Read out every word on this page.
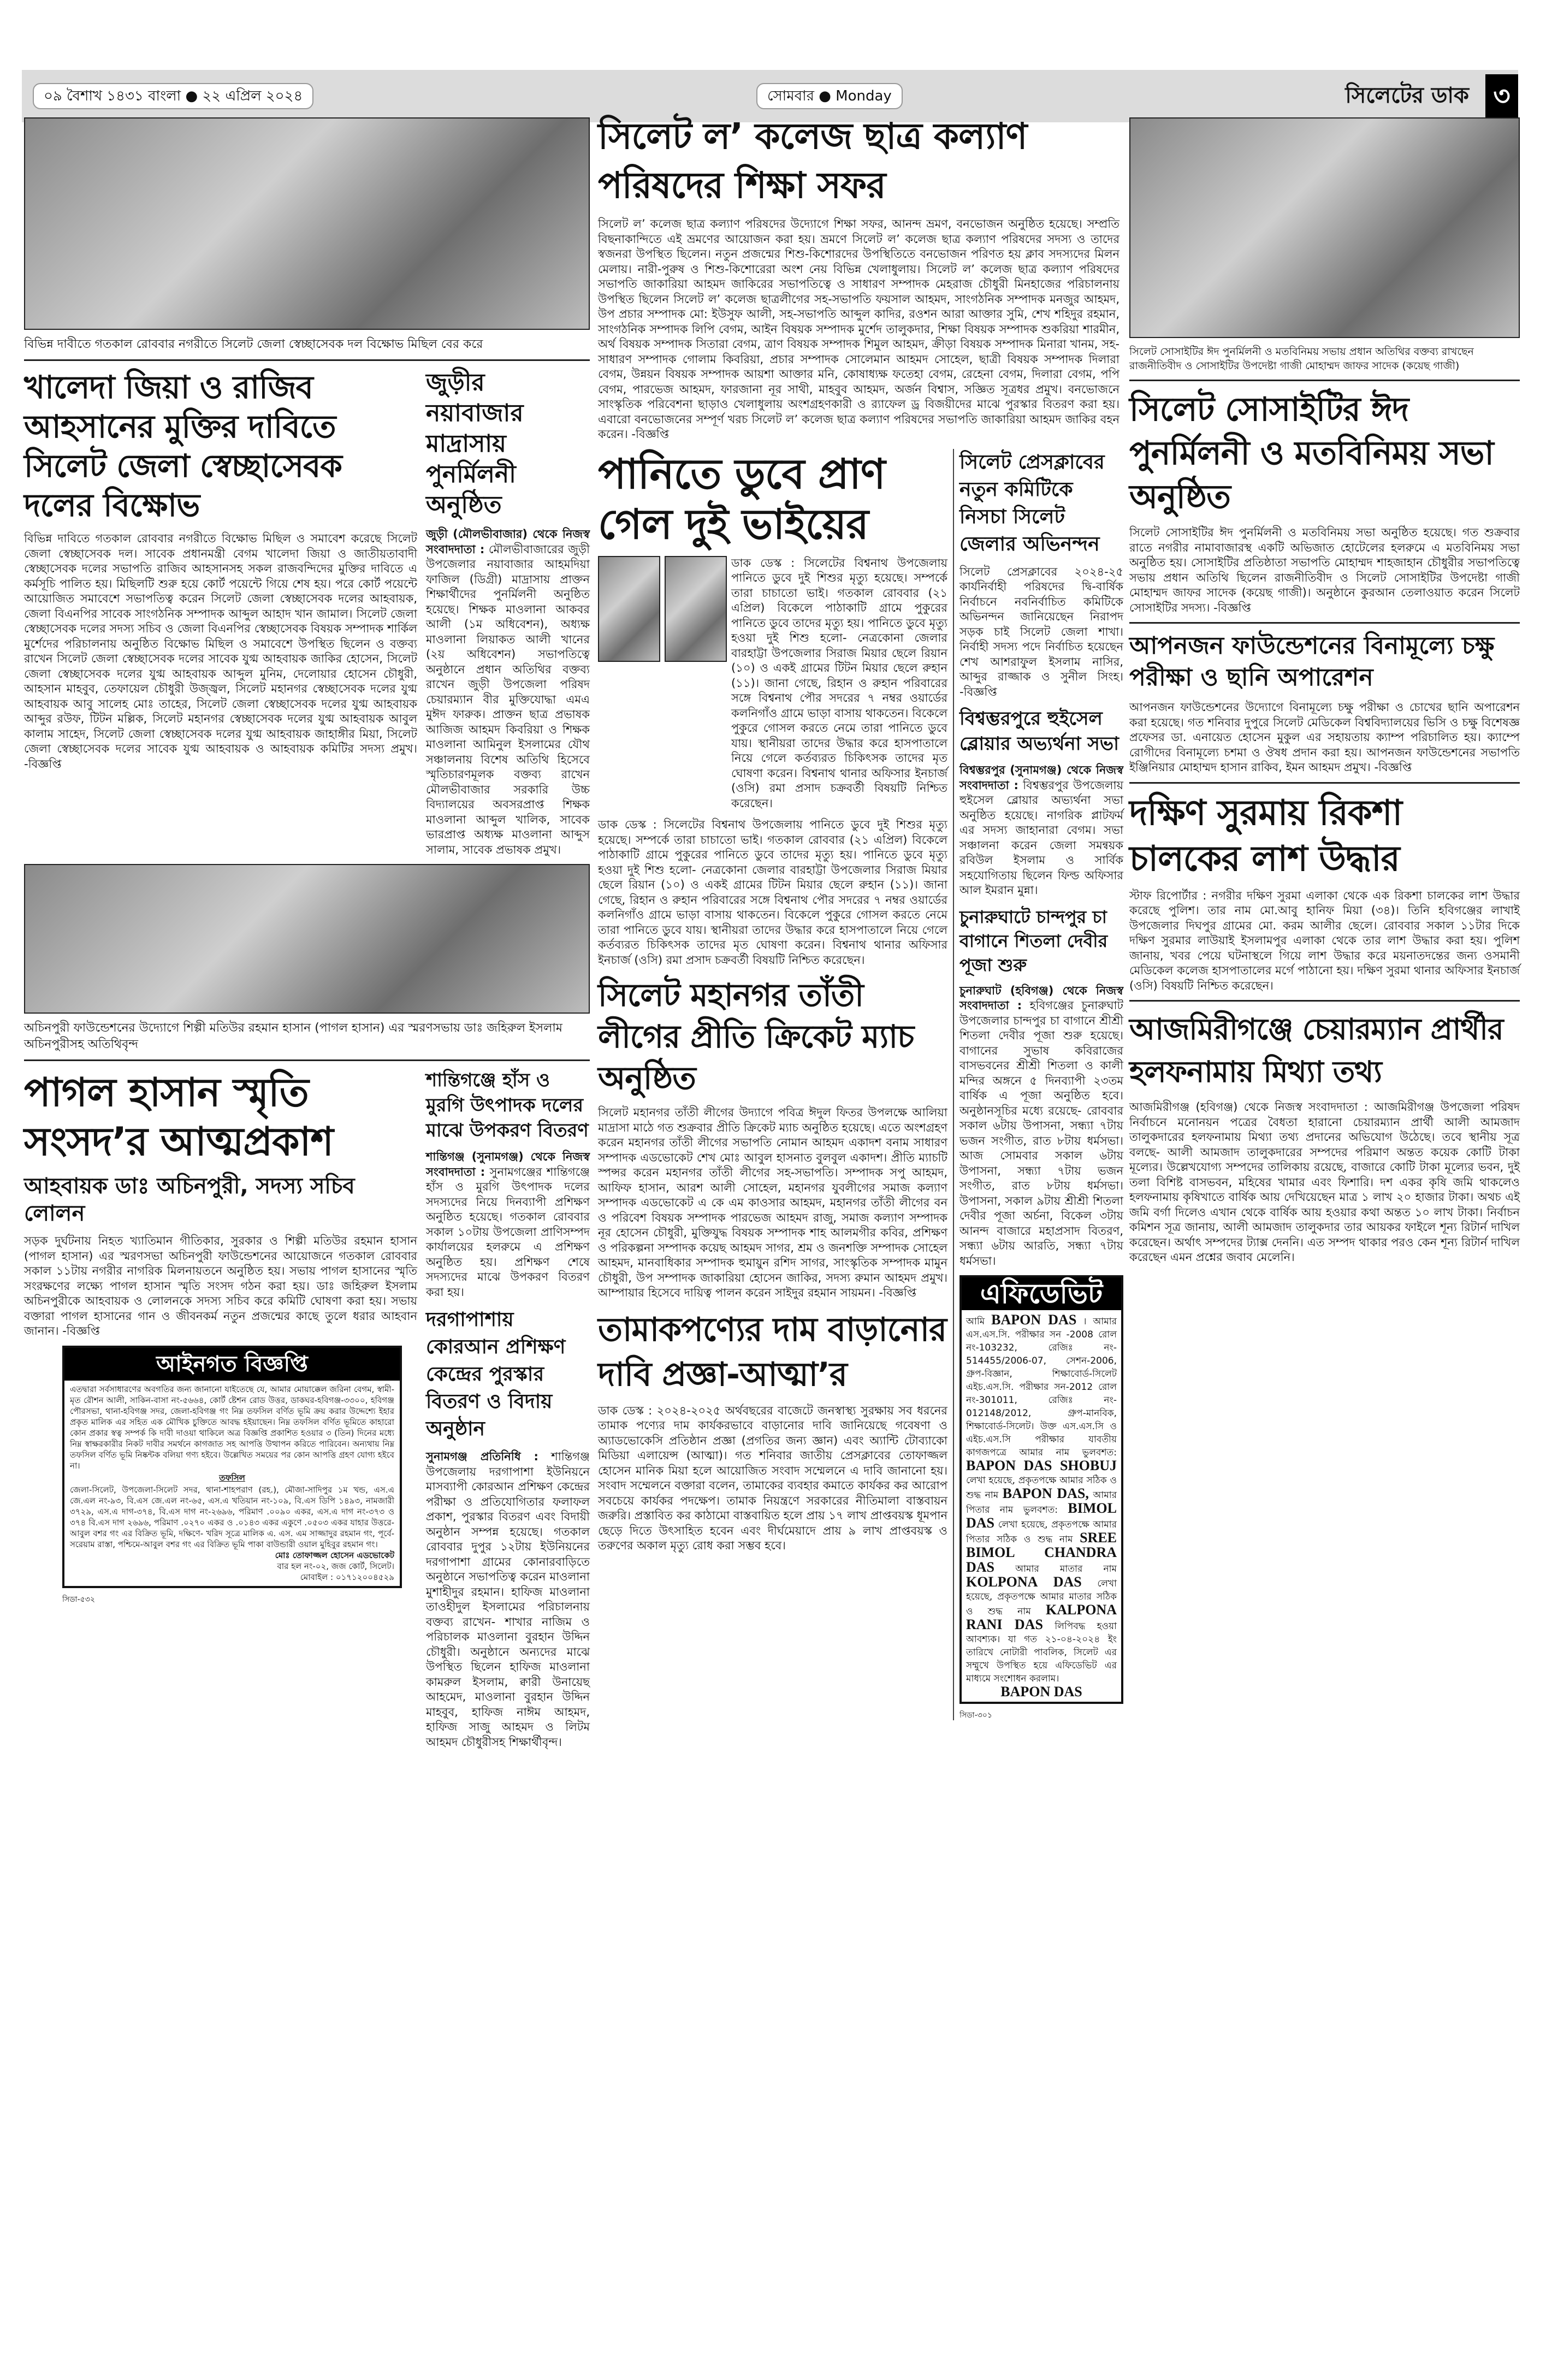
০৯ বৈশাখ ১৪৩১ বাংলা ● ২২ এপ্রিল ২০২৪	সোমবার ● Monday	সিলেটের ডাক ৩
বিভিন্ন দাবীতে গতকাল রোববার নগরীতে সিলেট জেলা স্বেচ্ছাসেবক দল বিক্ষোভ মিছিল বের করে
খালেদা জিয়া ও রাজিব আহসানের মুক্তির দাবিতে সিলেট জেলা স্বেচ্ছাসেবক দলের বিক্ষোভ

বিভিন্ন দাবিতে গতকাল রোববার নগরীতে বিক্ষোভ মিছিল ও সমাবেশ করেছে সিলেট জেলা স্বেচ্ছাসেবক দল। সাবেক প্রধানমন্ত্রী বেগম খালেদা জিয়া ও জাতীয়তাবাদী স্বেচ্ছাসেবক দলের সভাপতি রাজিব আহসানসহ সকল রাজবন্দিদের মুক্তির দাবিতে এ কর্মসূচি পালিত হয়। মিছিলটি শুরু হয়ে কোর্ট পয়েন্টে গিয়ে শেষ হয়। পরে কোর্ট পয়েন্টে আয়োজিত সমাবেশে সভাপতিত্ব করেন সিলেট জেলা স্বেচ্ছাসেবক দলের আহবায়ক, জেলা বিএনপির সাবেক সাংগঠনিক সম্পাদক আব্দুল আহাদ খান জামাল। সিলেট জেলা স্বেচ্ছাসেবক দলের সদস্য সচিব ও জেলা বিএনপির স্বেচ্ছাসেবক বিষয়ক সম্পাদক শার্কিল মুর্শেদের পরিচালনায় অনুষ্ঠিত বিক্ষোভ মিছিল ও সমাবেশে উপস্থিত ছিলেন ও বক্তব্য রাখেন সিলেট জেলা স্বেচ্ছাসেবক দলের সাবেক যুগ্ম আহবায়ক জাকির হোসেন, সিলেট জেলা স্বেচ্ছাসেবক দলের যুগ্ম আহবায়ক আব্দুল মুনিম, দেলোয়ার হোসেন চৌধুরী, আহসান মাহবুব, তেফায়েল চৌধুরী উজ্জ্বল, সিলেট মহানগর স্বেচ্ছাসেবক দলের যুগ্ম আহবায়ক আবু সালেহ মোঃ তাহের, সিলেট জেলা স্বেচ্ছাসেবক দলের যুগ্ম আহবায়ক আব্দুর রউফ, টিটন মল্লিক, সিলেট মহানগর স্বেচ্ছাসেবক দলের যুগ্ম আহবায়ক আবুল কালাম সাহেদ, সিলেট জেলা স্বেচ্ছাসেবক দলের যুগ্ম আহবায়ক জাহাঙ্গীর মিয়া, সিলেট জেলা স্বেচ্ছাসেবক দলের সাবেক যুগ্ম আহবায়ক ও আহবায়ক কমিটির সদস্য প্রমুখ। -বিজ্ঞপ্তি

জুড়ীর নয়াবাজার মাদ্রাসায় পুনর্মিলনী অনুষ্ঠিত

জুড়ী (মৌলভীবাজার) থেকে নিজস্ব সংবাদদাতা : মৌলভীবাজারের জুড়ী উপজেলার নয়াবাজার আহমদিয়া ফাজিল (ডিগ্রী) মাদ্রাসায় প্রাক্তন শিক্ষার্থীদের পুনর্মিলনী অনুষ্ঠিত হয়েছে। শিক্ষক মাওলানা আকবর আলী (১ম অধিবেশন), অধ্যক্ষ মাওলানা লিয়াকত আলী খানের (২য় অধিবেশন) সভাপতিত্বে অনুষ্ঠানে প্রধান অতিথির বক্তব্য রাখেন জুড়ী উপজেলা পরিষদ চেয়ারম্যান বীর মুক্তিযোদ্ধা এমএ মুঈদ ফারুক। প্রাক্তন ছাত্র প্রভাষক আজিজ আহমদ কিবরিয়া ও শিক্ষক মাওলানা আমিনুল ইসলামের যৌথ সঞ্চালনায় বিশেষ অতিথি হিসেবে স্মৃতিচারণমূলক বক্তব্য রাখেন মৌলভীবাজার সরকারি উচ্চ বিদ্যালয়ের অবসরপ্রাপ্ত শিক্ষক মাওলানা আব্দুল খালিক, সাবেক ভারপ্রাপ্ত অধ্যক্ষ মাওলানা আব্দুস সালাম, সাবেক প্রভাষক প্রমুখ।

অচিনপুরী ফাউন্ডেশনের উদ্যোগে শিল্পী মতিউর রহমান হাসান (পাগল হাসান) এর স্মরণসভায় ডাঃ জহিরুল ইসলাম অচিনপুরীসহ অতিথিবৃন্দ
পাগল হাসান স্মৃতি সংসদ’র আত্মপ্রকাশ
আহবায়ক ডাঃ অচিনপুরী, সদস্য সচিব লোলন

সড়ক দুর্ঘটনায় নিহত খ্যাতিমান গীতিকার, সুরকার ও শিল্পী মতিউর রহমান হাসান (পাগল হাসান) এর স্মরণসভা অচিনপুরী ফাউন্ডেশনের আয়োজনে গতকাল রোববার সকাল ১১টায় নগরীর নাগরিক মিলনায়তনে অনুষ্ঠিত হয়। সভায় পাগল হাসানের স্মৃতি সংরক্ষণের লক্ষ্যে পাগল হাসান স্মৃতি সংসদ গঠন করা হয়। ডাঃ জহিরুল ইসলাম অচিনপুরীকে আহবায়ক ও লোলনকে সদস্য সচিব করে কমিটি ঘোষণা করা হয়। সভায় বক্তারা পাগল হাসানের গান ও জীবনকর্ম নতুন প্রজন্মের কাছে তুলে ধরার আহবান জানান। -বিজ্ঞপ্তি

আইনগত বিজ্ঞপ্তি

এতদ্বারা সর্বসাধারণের অবগতির জন্য জানানো যাইতেছে যে, আমার মোয়াক্কেল জরিনা বেগম, স্বামী- মৃত রৌশন আলী, সাকিন-বাসা নং-৫৬৬৪, কোর্ট ষ্টেশন রোড উত্তর, ডাকঘর-হবিগঞ্জ-৩৩০০, হবিগঞ্জ পৌরসভা, থানা-হবিগঞ্জ সদর, জেলা-হবিগঞ্জ গং নিম্ন তফসিল বর্ণিত ভূমি ক্রয় করার উদ্দেশ্যে ইহার প্রকৃত মালিক এর সহিত এক মৌখিক চুক্তিতে আবদ্ধ হইয়াছেন। নিম্ন তফসিল বর্ণিত ভূমিতে কাহারো কোন প্রকার স্বত্ব সম্পর্ক কি দাবী দাওয়া থাকিলে অত্র বিজ্ঞপ্তি প্রকাশিত হওয়ার ৩ (তিন) দিনের মধ্যে নিম্ন স্বাক্ষরকারীর নিকট দাবীর সমর্থনে কাগজাত সহ আপত্তি উত্থাপন করিতে পারিবেন। অন্যথায় নিম্ন তফসিল বর্ণিত ভূমি নিষ্কন্টক বলিয়া গণ্য হইবে। উল্লেখিত সময়ের পর কোন আপত্তি গ্রহণ যোগ্য হইবে না।

তফসিল

জেলা-সিলেট, উপজেলা-সিলেট সদর, থানা-শাহপরাণ (রহ.), মৌজা-সাদিপুর ১ম খন্ড, এস.এ জে.এল নং-৯৩, বি.এস জে.এল নং-৬৫, এস.এ খতিয়ান নং-১০৯, বি.এস ডিপি ১৪৯৩, নামজারী ৩৭২৯, এস.এ দাগ-৩৭৪, বি.এস দাগ নং-২৬৯৬, পরিমাণ .০০৯০ একর, এস.এ দাগ নং-৩৭৩ ও ৩৭৪ বি.এস দাগ ২৬৯৬, পরিমাণ .০২৭০ একর ও .০১৪৩ একর একুণে .০৫০৩ একর যাহার উত্তরে- আবুল বশর গং এর বিক্রিত ভূমি, দক্ষিণে- খরিদ সূত্রে মালিক এ. এস. এম সাজ্জাদুর রহমান গং, পূর্বে- সরেয়াম রাস্তা, পশ্চিমে-আবুল বশর গং এর বিক্রিত ভূমি পাকা বাউন্ডারী ওয়াল মুহিবুর রহমান গং।

মোঃ তোফাজ্জল হোসেন এডভোকেট
বার হল নং-০২, জজ কোর্ট, সিলেট।
মোবাইল : ০১৭১২০০৪৫২৯
সিডা-৫৩২
শান্তিগঞ্জে হাঁস ও মুরগি উৎপাদক দলের মাঝে উপকরণ বিতরণ

শান্তিগঞ্জ (সুনামগঞ্জ) থেকে নিজস্ব সংবাদদাতা : সুনামগঞ্জের শান্তিগঞ্জে হাঁস ও মুরগি উৎপাদক দলের সদস্যদের নিয়ে দিনব্যাপী প্রশিক্ষণ অনুষ্ঠিত হয়েছে। গতকাল রোববার সকাল ১০টায় উপজেলা প্রাণিসম্পদ কার্যালয়ের হলরুমে এ প্রশিক্ষণ অনুষ্ঠিত হয়। প্রশিক্ষণ শেষে সদস্যদের মাঝে উপকরণ বিতরণ করা হয়।

দরগাপাশায় কোরআন প্রশিক্ষণ কেন্দ্রের পুরস্কার বিতরণ ও বিদায় অনুষ্ঠান

সুনামগঞ্জ প্রতিনিধি : শান্তিগঞ্জ উপজেলায় দরগাপাশা ইউনিয়নে মাসব্যাপী কোরআন প্রশিক্ষণ কেন্দ্রের পরীক্ষা ও প্রতিযোগিতার ফলাফল প্রকাশ, পুরস্কার বিতরণ এবং বিদায়ী অনুষ্ঠান সম্পন্ন হয়েছে। গতকাল রোববার দুপুর ১২টায় ইউনিয়নের দরগাপাশা গ্রামের কোনারবাড়িতে অনুষ্ঠানে সভাপতিত্ব করেন মাওলানা মুশাহীদুর রহমান। হাফিজ মাওলানা তাওহীদুল ইসলামের পরিচালনায় বক্তব্য রাখেন- শাখার নাজিম ও পরিচালক মাওলানা বুরহান উদ্দিন চৌধুরী। অনুষ্ঠানে অন্যদের মাঝে উপস্থিত ছিলেন হাফিজ মাওলানা কামরুল ইসলাম, ক্বারী উনায়েছ আহমেদ, মাওলানা বুরহান উদ্দিন মাহবুব, হাফিজ নাঈম আহমদ, হাফিজ সাজু আহমদ ও লিটম আহমদ চৌধুরীসহ শিক্ষার্থীবৃন্দ।

সিলেট ল’ কলেজ ছাত্র কল্যাণ পরিষদের শিক্ষা সফর

সিলেট ল’ কলেজ ছাত্র কল্যাণ পরিষদের উদ্যোগে শিক্ষা সফর, আনন্দ ভ্রমণ, বনভোজন অনুষ্ঠিত হয়েছে। সম্প্রতি বিছনাকান্দিতে এই ভ্রমণের আয়োজন করা হয়। ভ্রমণে সিলেট ল’ কলেজ ছাত্র কল্যাণ পরিষদের সদস্য ও তাদের স্বজনরা উপস্থিত ছিলেন। নতুন প্রজন্মের শিশু-কিশোরদের উপস্থিতিতে বনভোজন পরিণত হয় ক্লাব সদস্যদের মিলন মেলায়। নারী-পুরুষ ও শিশু-কিশোরেরা অংশ নেয় বিভিন্ন খেলাধুলায়। সিলেট ল’ কলেজ ছাত্র কল্যাণ পরিষদের সভাপতি জাকারিয়া আহমদ জাকিরের সভাপতিত্বে ও সাধারণ সম্পাদক মেহরাজ চৌধুরী মিনহাজের পরিচালনায় উপস্থিত ছিলেন সিলেট ল’ কলেজ ছাত্রলীগের সহ-সভাপতি ফয়সাল আহমদ, সাংগঠনিক সম্পাদক মনজুর আহমদ, উপ প্রচার সম্পাদক মো: ইউসুফ আলী, সহ-সভাপতি আব্দুল কাদির, রওশন আরা আক্তার সুমি, শেখ শহিদুর রহমান, সাংগঠনিক সম্পাদক লিপি বেগম, আইন বিষয়ক সম্পাদক মুর্শেদ তালুকদার, শিক্ষা বিষয়ক সম্পাদক শুকরিয়া শারমীন, অর্থ বিষয়ক সম্পাদক সিতারা বেগম, ত্রাণ বিষয়ক সম্পাদক শিমুল আহমদ, ক্রীড়া বিষয়ক সম্পাদক মিনারা খানম, সহ-সাধারণ সম্পাদক গোলাম কিবরিয়া, প্রচার সম্পাদক সোলেমান আহমদ সোহেল, ছাত্রী বিষয়ক সম্পাদক দিলারা বেগম, উন্নয়ন বিষয়ক সম্পাদক আয়শা আক্তার মনি, কোষাধ্যক্ষ ফতেহা বেগম, রেহেনা বেগম, দিলারা বেগম, পপি বেগম, পারভেজ আহমদ, ফারজানা নূর সাথী, মাহবুব আহমদ, অর্জন বিশ্বাস, সজ্ঞিত সূত্রধর প্রমুখ। বনভোজনে সাংস্কৃতিক পরিবেশনা ছাড়াও খেলাধুলায় অংশগ্রহণকারী ও র‌্যাফেল ড্র বিজয়ীদের মাঝে পুরস্কার বিতরণ করা হয়। এবারো বনভোজনের সম্পূর্ণ খরচ সিলেট ল’ কলেজ ছাত্র কল্যাণ পরিষদের সভাপতি জাকারিয়া আহমদ জাকির বহন করেন। -বিজ্ঞপ্তি

পানিতে ডুবে প্রাণ গেল দুই ভাইয়ের

ডাক ডেস্ক : সিলেটের বিশ্বনাথ উপজেলায় পানিতে ডুবে দুই শিশুর মৃত্যু হয়েছে। সম্পর্কে তারা চাচাতো ভাই। গতকাল রোববার (২১ এপ্রিল) বিকেলে পাঠাকাটি গ্রামে পুকুরের পানিতে ডুবে তাদের মৃত্যু হয়। পানিতে ডুবে মৃত্যু হওয়া দুই শিশু হলো- নেত্রকোনা জেলার বারহাট্টা উপজেলার সিরাজ মিয়ার ছেলে রিয়ান (১০) ও একই গ্রামের টিটন মিয়ার ছেলে রুহান (১১)। জানা গেছে, রিহান ও রুহান পরিবারের সঙ্গে বিশ্বনাথ পৌর সদরের ৭ নম্বর ওয়ার্ডের কলনিগাঁও গ্রামে ভাড়া বাসায় থাকতেন। বিকেলে পুকুরে গোসল করতে নেমে তারা পানিতে ডুবে যায়। স্থানীয়রা তাদের উদ্ধার করে হাসপাতালে নিয়ে গেলে কর্তব্যরত চিকিৎসক তাদের মৃত ঘোষণা করেন। বিশ্বনাথ থানার অফিসার ইনচার্জ (ওসি) রমা প্রসাদ চক্রবর্তী বিষয়টি নিশ্চিত করেছেন।

ডাক ডেস্ক : সিলেটের বিশ্বনাথ উপজেলায় পানিতে ডুবে দুই শিশুর মৃত্যু হয়েছে। সম্পর্কে তারা চাচাতো ভাই। গতকাল রোববার (২১ এপ্রিল) বিকেলে পাঠাকাটি গ্রামে পুকুরের পানিতে ডুবে তাদের মৃত্যু হয়। পানিতে ডুবে মৃত্যু হওয়া দুই শিশু হলো- নেত্রকোনা জেলার বারহাট্টা উপজেলার সিরাজ মিয়ার ছেলে রিয়ান (১০) ও একই গ্রামের টিটন মিয়ার ছেলে রুহান (১১)। জানা গেছে, রিহান ও রুহান পরিবারের সঙ্গে বিশ্বনাথ পৌর সদরের ৭ নম্বর ওয়ার্ডের কলনিগাঁও গ্রামে ভাড়া বাসায় থাকতেন। বিকেলে পুকুরে গোসল করতে নেমে তারা পানিতে ডুবে যায়। স্থানীয়রা তাদের উদ্ধার করে হাসপাতালে নিয়ে গেলে কর্তব্যরত চিকিৎসক তাদের মৃত ঘোষণা করেন। বিশ্বনাথ থানার অফিসার ইনচার্জ (ওসি) রমা প্রসাদ চক্রবর্তী বিষয়টি নিশ্চিত করেছেন।

সিলেট মহানগর তাঁতী লীগের প্রীতি ক্রিকেট ম্যাচ অনুষ্ঠিত

সিলেট মহানগর তাঁতী লীগের উদ্যাগে পবিত্র ঈদুল ফিতর উপলক্ষে আলিয়া মাদ্রাসা মাঠে গত শুক্রবার প্রীতি ক্রিকেট ম্যাচ অনুষ্ঠিত হয়েছে। এতে অংশগ্রহণ করেন মহানগর তাঁতী লীগের সভাপতি নোমান আহমদ একাদশ বনাম সাধারণ সম্পাদক এডভোকেট শেখ মোঃ আবুল হাসনাত বুলবুল একাদশ। প্রীতি ম্যাচটি স্পন্সর করেন মহানগর তাঁতী লীগের সহ-সভাপতি। সম্পাদক সপু আহমদ, আফিফ হাসান, আরশ আলী সোহেল, মহানগর যুবলীগের সমাজ কল্যাণ সম্পাদক এডভোকেট এ কে এম কাওসার আহমদ, মহানগর তাঁতী লীগের বন ও পরিবেশ বিষয়ক সম্পাদক পারভেজ আহমদ রাজু, সমাজ কল্যাণ সম্পাদক নূর হোসেন চৌধুরী, মুক্তিযুদ্ধ বিষয়ক সম্পাদক শাহ আলমগীর কবির, প্রশিক্ষণ ও পরিকল্পনা সম্পাদক কয়েছ আহমদ সাগর, শ্রম ও জনশক্তি সম্পাদক সোহেল আহমদ, মানবাধিকার সম্পাদক হুমায়ুন রশিদ সাগর, সাংস্কৃতিক সম্পাদক মামুন চৌধুরী, উপ সম্পাদক জাকারিয়া হোসেন জাকির, সদস্য রুমান আহমদ প্রমুখ। আম্পায়ার হিসেবে দায়িত্ব পালন করেন সাইদুর রহমান সায়মন। -বিজ্ঞপ্তি

তামাকপণ্যের দাম বাড়ানোর দাবি প্রজ্ঞা-আত্মা’র

ডাক ডেস্ক : ২০২৪-২০২৫ অর্থবছরের বাজেটে জনস্বাস্থ্য সুরক্ষায় সব ধরনের তামাক পণ্যের দাম কার্যকরভাবে বাড়ানোর দাবি জানিয়েছে গবেষণা ও অ্যাডভোকেসি প্রতিষ্ঠান প্রজ্ঞা (প্রগতির জন্য জ্ঞান) এবং অ্যান্টি টোব্যাকো মিডিয়া এলায়েন্স (আত্মা)। গত শনিবার জাতীয় প্রেসক্লাবের তোফাজ্জল হোসেন মানিক মিয়া হলে আয়োজিত সংবাদ সম্মেলনে এ দাবি জানানো হয়। সংবাদ সম্মেলনে বক্তারা বলেন, তামাকের ব্যবহার কমাতে কার্যকর কর আরোপ সবচেয়ে কার্যকর পদক্ষেপ। তামাক নিয়ন্ত্রণে সরকারের নীতিমালা বাস্তবায়ন জরুরি। প্রস্তাবিত কর কাঠামো বাস্তবায়িত হলে প্রায় ১৭ লাখ প্রাপ্তবয়স্ক ধূমপান ছেড়ে দিতে উৎসাহিত হবেন এবং দীর্ঘমেয়াদে প্রায় ৯ লাখ প্রাপ্তবয়স্ক ও তরুণের অকাল মৃত্যু রোধ করা সম্ভব হবে।

সিলেট প্রেসক্লাবের নতুন কমিটিকে নিসচা সিলেট জেলার অভিনন্দন

সিলেট প্রেসক্লাবের ২০২৪-২৫ কার্যনির্বাহী পরিষদের দ্বি-বার্ষিক নির্বাচনে নবনির্বাচিত কমিটিকে অভিনন্দন জানিয়েছেন নিরাপদ সড়ক চাই সিলেট জেলা শাখা। নির্বাহী সদস্য পদে নির্বাচিত হয়েছেন শেখ আশরাফুল ইসলাম নাসির, আব্দুর রাজ্জাক ও সুনীল সিংহ। -বিজ্ঞপ্তি

বিশ্বম্ভরপুরে হুইসেল ব্লোয়ার অভ্যর্থনা সভা

বিশ্বম্ভরপুর (সুনামগঞ্জ) থেকে নিজস্ব সংবাদদাতা : বিশ্বম্ভরপুর উপজেলায় হুইসেল ব্লোয়ার অভ্যর্থনা সভা অনুষ্ঠিত হয়েছে। নাগরিক প্লাটফর্ম এর সদস্য জাহানারা বেগম। সভা সঞ্চালনা করেন জেলা সমন্বয়ক রবিউল ইসলাম ও সার্বিক সহযোগিতায় ছিলেন ফিল্ড অফিসার আল ইমরান মুন্না।

চুনারুঘাটে চান্দপুর চা বাগানে শিতলা দেবীর পূজা শুরু

চুনারুঘাট (হবিগঞ্জ) থেকে নিজস্ব সংবাদদাতা : হবিগঞ্জের চুনারুঘাট উপজেলার চান্দপুর চা বাগানে শ্রীশ্রী শিতলা দেবীর পূজা শুরু হয়েছে। বাগানের সুভাষ কবিরাজের বাসভবনের শ্রীশ্রী শিতলা ও কালী মন্দির অঙ্গনে ৫ দিনব্যাপী ২৩তম বার্ষিক এ পূজা অনুষ্ঠিত হবে। অনুষ্ঠানসূচির মধ্যে রয়েছে- রোববার সকাল ৬টায় উপাসনা, সন্ধ্যা ৭টায় ভজন সংগীত, রাত ৮টায় ধর্মসভা। আজ সোমবার সকাল ৬টায় উপাসনা, সন্ধ্যা ৭টায় ভজন সংগীত, রাত ৮টায় ধর্মসভা। উপাসনা, সকাল ৯টায় শ্রীশ্রী শিতলা দেবীর পূজা অর্চনা, বিকেল ৩টায় আনন্দ বাজারে মহাপ্রসাদ বিতরণ, সন্ধ্যা ৬টায় আরতি, সন্ধ্যা ৭টায় ধর্মসভা।

এফিডেভিট
আমি BAPON DAS । আমার এস.এস.সি. পরীক্ষার সন -2008 রোল নং-103232, রেজিঃ নং- 514455/2006-07, সেশন-2006, গ্রুপ-বিজ্ঞান, শিক্ষাবোর্ড-সিলেট এইচ.এস.সি. পরীক্ষার সন-2012 রোল নং-301011, রেজিঃ নং- 012148/2012, গ্রুপ-মানবিক, শিক্ষাবোর্ড-সিলেট। উক্ত এস.এস.সি ও এইচ.এস.সি পরীক্ষার যাবতীয় কাগজপত্রে আমার নাম ভুলবশত: BAPON DAS SHOBUJ লেখা হয়েছে, প্রকৃতপক্ষে আমার সঠিক ও শুদ্ধ নাম BAPON DAS, আমার পিতার নাম ভুলবশত: BIMOL DAS লেখা হয়েছে, প্রকৃতপক্ষে আমার পিতার সঠিক ও শুদ্ধ নাম SREE BIMOL CHANDRA DAS আমার মাতার নাম KOLPONA DAS লেখা হয়েছে, প্রকৃতপক্ষে আমার মাতার সঠিক ও শুদ্ধ নাম KALPONA RANI DAS লিপিবদ্ধ হওয়া আবশ্যক। যা গত ২১-০৪-২০২৪ ইং তারিখে নোটারী পাবলিক, সিলেট এর সম্মুখে উপস্থিত হয়ে এফিডেভিট এর মাধ্যমে সংশোধন করলাম।
BAPON DAS
সিডা-৩০১
সিলেট সোসাইটির ঈদ পুনর্মিলনী ও মতবিনিময় সভায় প্রধান অতিথির বক্তব্য রাখছেন রাজনীতিবীদ ও সোসাইটির উপদেষ্টা গাজী মোহাম্মদ জাফর সাদেক (কয়েছ গাজী)
সিলেট সোসাইটির ঈদ পুনর্মিলনী ও মতবিনিময় সভা অনুষ্ঠিত

সিলেট সোসাইটির ঈদ পুনর্মিলনী ও মতবিনিময় সভা অনুষ্ঠিত হয়েছে। গত শুক্রবার রাতে নগরীর নামাবাজারস্থ একটি অভিজাত হোটেলের হলরুমে এ মতবিনিময় সভা অনুষ্ঠিত হয়। সোসাইটির প্রতিষ্ঠাতা সভাপতি মোহাম্মদ শাহজাহান চৌধুরীর সভাপতিত্বে সভায় প্রধান অতিথি ছিলেন রাজনীতিবীদ ও সিলেট সোসাইটির উপদেষ্টা গাজী মোহাম্মদ জাফর সাদেক (কয়েছ গাজী)। অনুষ্ঠানে কুরআন তেলাওয়াত করেন সিলেট সোসাইটির সদস্য। -বিজ্ঞপ্তি

আপনজন ফাউন্ডেশনের বিনামূল্যে চক্ষু পরীক্ষা ও ছানি অপারেশন

আপনজন ফাউন্ডেশনের উদ্যোগে বিনামূল্যে চক্ষু পরীক্ষা ও চোখের ছানি অপারেশন করা হয়েছে। গত শনিবার দুপুরে সিলেট মেডিকেল বিশ্ববিদ্যালয়ের ভিসি ও চক্ষু বিশেষজ্ঞ প্রফেসর ডা. এনায়েত হোসেন মুকুল এর সহায়তায় ক্যাম্প পরিচালিত হয়। ক্যাম্পে রোগীদের বিনামূল্যে চশমা ও ঔষধ প্রদান করা হয়। আপনজন ফাউন্ডেশনের সভাপতি ইঞ্জিনিয়ার মোহাম্মদ হাসান রাকিব, ইমন আহমদ প্রমুখ। -বিজ্ঞপ্তি

দক্ষিণ সুরমায় রিকশা চালকের লাশ উদ্ধার

স্টাফ রিপোর্টার : নগরীর দক্ষিণ সুরমা এলাকা থেকে এক রিকশা চালকের লাশ উদ্ধার করেছে পুলিশ। তার নাম মো.আবু হানিফ মিয়া (৩৪)। তিনি হবিগঞ্জের লাখাই উপজেলার দিঘপুর গ্রামের মো. করম আলীর ছেলে। রোববার সকাল ১১টার দিকে দক্ষিণ সুরমার লাউয়াই ইসলামপুর এলাকা থেকে তার লাশ উদ্ধার করা হয়। পুলিশ জানায়, খবর পেয়ে ঘটনাস্থলে গিয়ে লাশ উদ্ধার করে ময়নাতদন্তের জন্য ওসমানী মেডিকেল কলেজ হাসপাতালের মর্গে পাঠানো হয়। দক্ষিণ সুরমা থানার অফিসার ইনচার্জ (ওসি) বিষয়টি নিশ্চিত করেছেন।

আজমিরীগঞ্জে চেয়ারম্যান প্রার্থীর হলফনামায় মিথ্যা তথ্য

আজমিরীগঞ্জ (হবিগঞ্জ) থেকে নিজস্ব সংবাদদাতা : আজমিরীগঞ্জ উপজেলা পরিষদ নির্বাচনে মনোনয়ন পত্রের বৈধতা হারানো চেয়ারম্যান প্রার্থী আলী আমজাদ তালুকদারের হলফনামায় মিথ্যা তথ্য প্রদানের অভিযোগ উঠেছে। তবে স্থানীয় সূত্র বলছে- আলী আমজাদ তালুকদারের সম্পদের পরিমাণ অন্তত কয়েক কোটি টাকা মূল্যের। উল্লেখযোগ্য সম্পদের তালিকায় রয়েছে, বাজারে কোটি টাকা মূল্যের ভবন, দুই তলা বিশিষ্ট বাসভবন, মহিষের খামার এবং ফিশারি। দশ একর কৃষি জমি থাকলেও হলফনামায় কৃষিখাতে বার্ষিক আয় দেখিয়েছেন মাত্র ১ লাখ ২০ হাজার টাকা। অথচ এই জমি বর্গা দিলেও এখান থেকে বার্ষিক আয় হওয়ার কথা অন্তত ১০ লাখ টাকা। নির্বাচন কমিশন সূত্র জানায়, আলী আমজাদ তালুকদার তার আয়কর ফাইলে শূন্য রিটার্ন দাখিল করেছেন। অর্থাৎ সম্পদের ট্যাক্স দেননি। এত সম্পদ থাকার পরও কেন শূন্য রিটার্ন দাখিল করেছেন এমন প্রশ্নের জবাব মেলেনি।
